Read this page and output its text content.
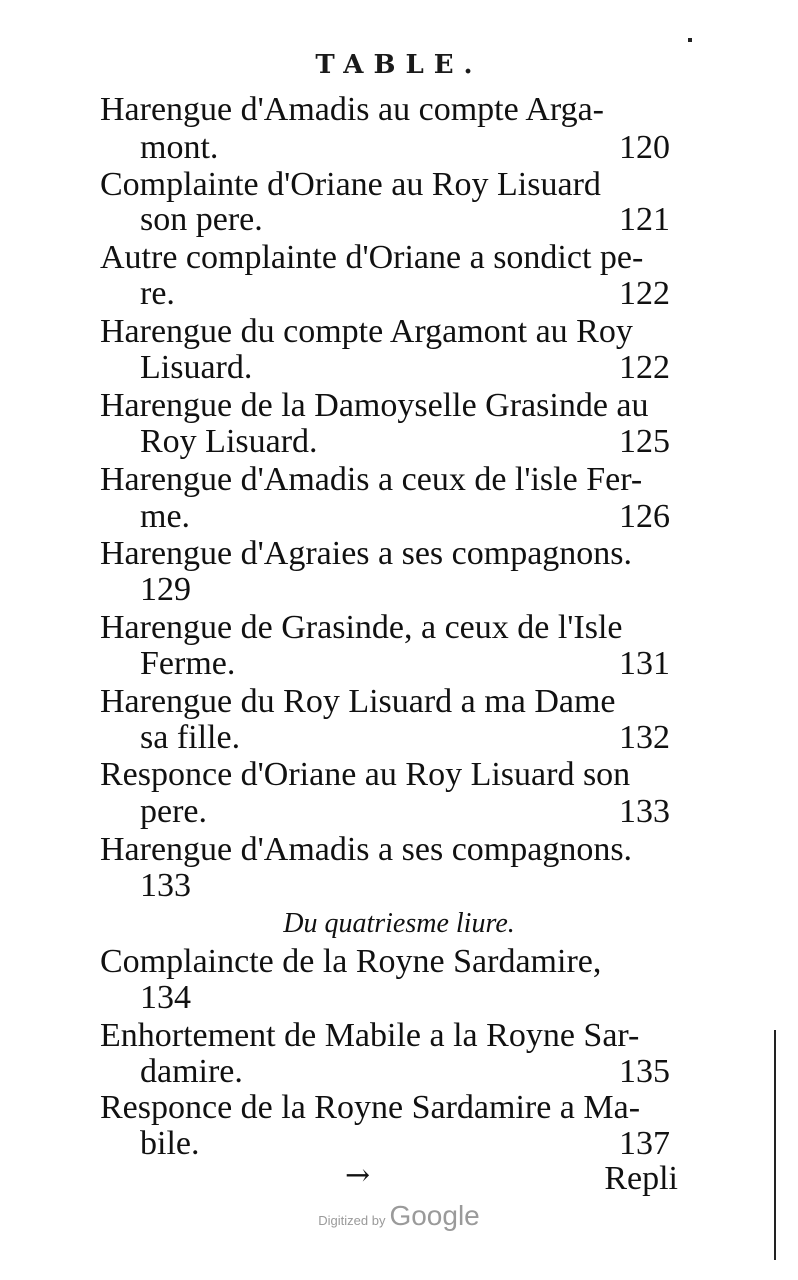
TABLE.
Harengue d'Amadis au compte Arga-
mont.	120
Complainte d'Oriane au Roy Lisuard
son pere.	121
Autre complainte d'Oriane a sondict pe-
re.	122
Harengue du compte Argamont au Roy
Lisuard.	122
Harengue de la Damoyselle Grasinde au
Roy Lisuard.	125
Harengue d'Amadis a ceux de l'isle Fer-
me.	126
Harengue d'Agraies a ses compagnons.
129
Harengue de Grasinde, a ceux de l'Isle
Ferme.	131
Harengue du Roy Lisuard a ma Dame
sa fille.	132
Responce d'Oriane au Roy Lisuard son
pere.	133
Harengue d'Amadis a ses compagnons.
133
Du quatriesme liure.
Complaincte de la Royne Sardamire,
134
Enhortement de Mabile a la Royne Sar-
damire.	135
Responce de la Royne Sardamire a Ma-
bile.	137
→	Repli
Digitized by Google
